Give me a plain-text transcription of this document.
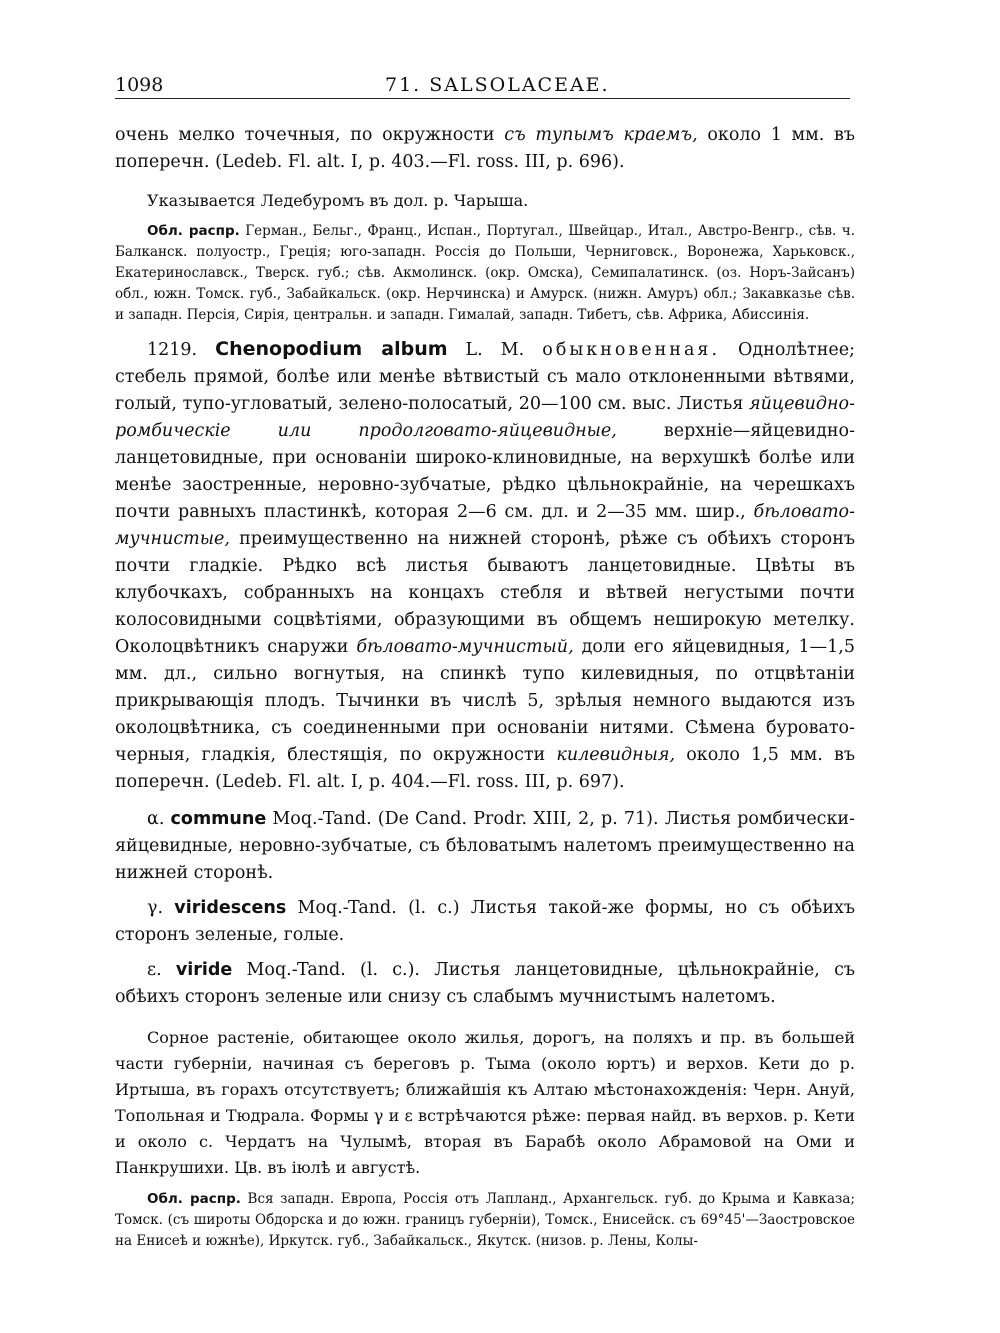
1098	71. SALSOLACEAE.

очень мелко точечныя, по окружности съ тупымъ краемъ, около 1 мм. въ поперечн. (Ledeb. Fl. alt. I, p. 403.—Fl. ross. III, p. 696).

Указывается Ледебуромъ въ дол. р. Чарыша.

Обл. распр. Герман., Бельг., Франц., Испан., Португал., Швейцар., Итал., Австро-Венгр., сѣв. ч. Балканск. полуостр., Грецiя; юго-западн. Россiя до Польши, Черниговск., Воронежа, Харьковск., Екатеринославск., Тверск. губ.; сѣв. Акмолинск. (окр. Омска), Семипалатинск. (оз. Норъ-Зайсанъ) обл., южн. Томск. губ., Забайкальск. (окр. Нерчинска) и Амурск. (нижн. Амуръ) обл.; Закавказье сѣв. и западн. Персiя, Сирiя, центральн. и западн. Гималай, западн. Тибетъ, сѣв. Африка, Абиссинiя.

1219. Chenopodium album L. M. обыкновенная. Однолѣтнее; стебель прямой, болѣе или менѣе вѣтвистый съ мало отклоненными вѣтвями, голый, тупо-угловатый, зелено-полосатый, 20—100 см. выс. Листья яйцевидно-ромбическiе или продолговато-яйцевидные, верхнiе—яйцевидно-ланцетовидные, при основанiи широко-клиновидные, на верхушкѣ болѣе или менѣе заостренные, неровно-зубчатые, рѣдко цѣльнокрайнiе, на черешкахъ почти равныхъ пластинкѣ, которая 2—6 см. дл. и 2—35 мм. шир., бѣловато-мучнистые, преимущественно на нижней сторонѣ, рѣже съ обѣихъ сторонъ почти гладкiе. Рѣдко всѣ листья бываютъ ланцетовидные. Цвѣты въ клубочкахъ, собранныхъ на концахъ стебля и вѣтвей негустыми почти колосовидными соцвѣтiями, образующими въ общемъ неширокую метелку. Околоцвѣтникъ снаружи бѣловато-мучнистый, доли его яйцевидныя, 1—1,5 мм. дл., сильно вогнутыя, на спинкѣ тупо килевидныя, по отцвѣтанiи прикрывающiя плодъ. Тычинки въ числѣ 5, зрѣлыя немного выдаются изъ околоцвѣтника, съ соединенными при основанiи нитями. Сѣмена буровато-черныя, гладкiя, блестящiя, по окружности килевидныя, около 1,5 мм. въ поперечн. (Ledeb. Fl. alt. I, p. 404.—Fl. ross. III, p. 697).

α. commune Moq.-Tand. (De Cand. Prodr. XIII, 2, p. 71). Листья ромбически-яйцевидные, неровно-зубчатые, съ бѣловатымъ налетомъ преимущественно на нижней сторонѣ.

γ. viridescens Moq.-Tand. (l. c.) Листья такой-же формы, но съ обѣихъ сторонъ зеленые, голые.

ε. viride Moq.-Tand. (l. c.). Листья ланцетовидные, цѣльнокрайнiе, съ обѣихъ сторонъ зеленые или снизу съ слабымъ мучнистымъ налетомъ.

Сорное растенiе, обитающее около жилья, дорогъ, на поляхъ и пр. въ большей части губернiи, начиная съ береговъ р. Тыма (около юртъ) и верхов. Кети до р. Иртыша, въ горахъ отсутствуетъ; ближайшiя къ Алтаю мѣстонахожденiя: Черн. Ануй, Топольная и Тюдрала. Формы γ и ε встрѣчаются рѣже: первая найд. въ верхов. р. Кети и около с. Чердатъ на Чулымѣ, вторая въ Барабѣ около Абрамовой на Оми и Панкрушихи. Цв. въ iюлѣ и августѣ.

Обл. распр. Вся западн. Европа, Россiя отъ Лапланд., Архангельск. губ. до Крыма и Кавказа; Томск. (съ широты Обдорска и до южн. границъ губернiи), Томск., Енисейск. съ 69°45'—Заостровское на Енисеѣ и южнѣе), Иркутск. губ., Забайкальск., Якутск. (низов. р. Лены, Колы-
